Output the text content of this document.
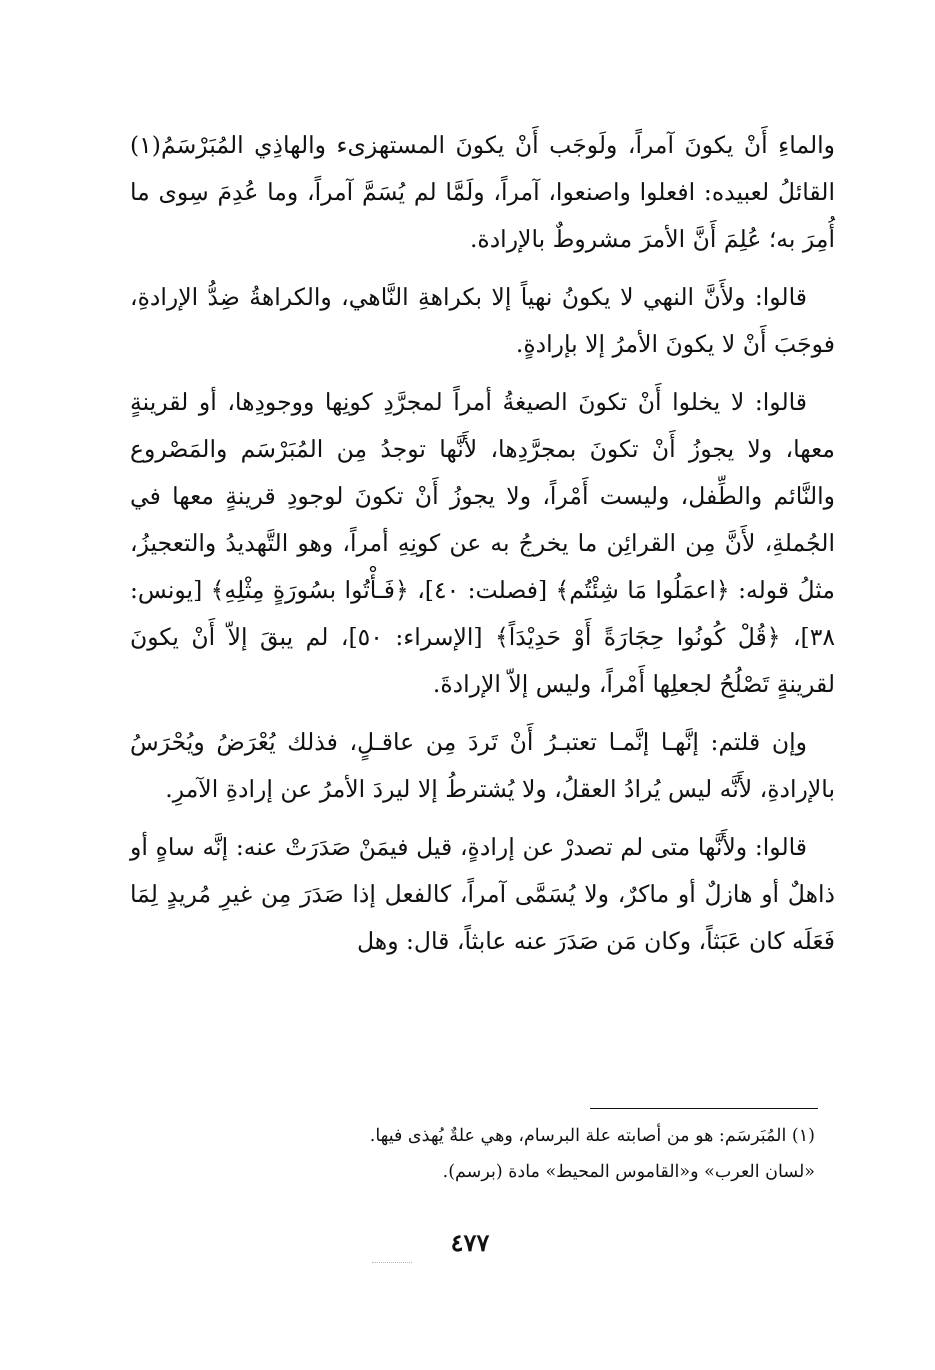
والماءِ أَنْ يكونَ آمراً، ولَوجَب أَنْ يكونَ المستهزىء والهاذِي المُبَرْسَمُ(١) القائلُ لعبيده: افعلوا واصنعوا، آمراً، ولَمَّا لم يُسَمَّ آمراً، وما عُدِمَ سِوى ما أُمِرَ به؛ عُلِمَ أَنَّ الأمرَ مشروطٌ بالإرادة.

قالوا: ولأَنَّ النهي لا يكونُ نهياً إلا بكراهةِ النَّاهي، والكراهةُ ضِدُّ الإرادةِ، فوجَبَ أَنْ لا يكونَ الأمرُ إلا بإرادةٍ.

قالوا: لا يخلوا أَنْ تكونَ الصيغةُ أمراً لمجرَّدِ كونِها ووجودِها، أو لقرينةٍ معها، ولا يجوزُ أَنْ تكونَ بمجرَّدِها، لأَنَّها توجدُ مِن المُبَرْسَم والمَصْروع والنَّائم والطِّفل، وليست أَمْراً، ولا يجوزُ أَنْ تكونَ لوجودِ قرينةٍ معها في الجُملةِ، لأَنَّ مِن القرائِن ما يخرجُ به عن كونِهِ أمراً، وهو التَّهديدُ والتعجيزُ، مثلُ قوله: ﴿اعمَلُوا مَا شِئْتُم﴾ [فصلت: ٤٠]، ﴿فَـأْتُوا بسُورَةٍ مِثْلِهِ﴾ [يونس: ٣٨]، ﴿قُلْ كُونُوا حِجَارَةً أَوْ حَدِيْدَاً﴾ [الإسراء: ٥٠]، لم يبقَ إلاّ أَنْ يكونَ لقرينةٍ تَصْلُحُ لجعلِها أَمْراً، وليس إلاّ الإرادةَ.

وإن قلتم: إنَّهـا إنَّمـا تعتبـرُ أَنْ تَردَ مِن عاقـلٍ، فذلك يُعْرَضُ ويُحْرَسُ بالإرادةِ، لأَنَّه ليس يُرادُ العقلُ، ولا يُشترطُ إلا ليردَ الأمرُ عن إرادةِ الآمرِ.

قالوا: ولأَنَّها متى لم تصدرْ عن إرادةٍ، قيل فيمَنْ صَدَرَتْ عنه: إنَّه ساهٍ أو ذاهلٌ أو هازلٌ أو ماكرٌ، ولا يُسَمَّى آمراً، كالفعل إذا صَدَرَ مِن غيرِ مُريدٍ لِمَا فَعَلَه كان عَبَثاً، وكان مَن صَدَرَ عنه عابثاً، قال: وهل

(١) المُبَرسَم: هو من أصابته علة البرسام، وهي علةٌ يُهذى فيها.

«لسان العرب» و«القاموس المحيط» مادة (برسم).

٤٧٧
